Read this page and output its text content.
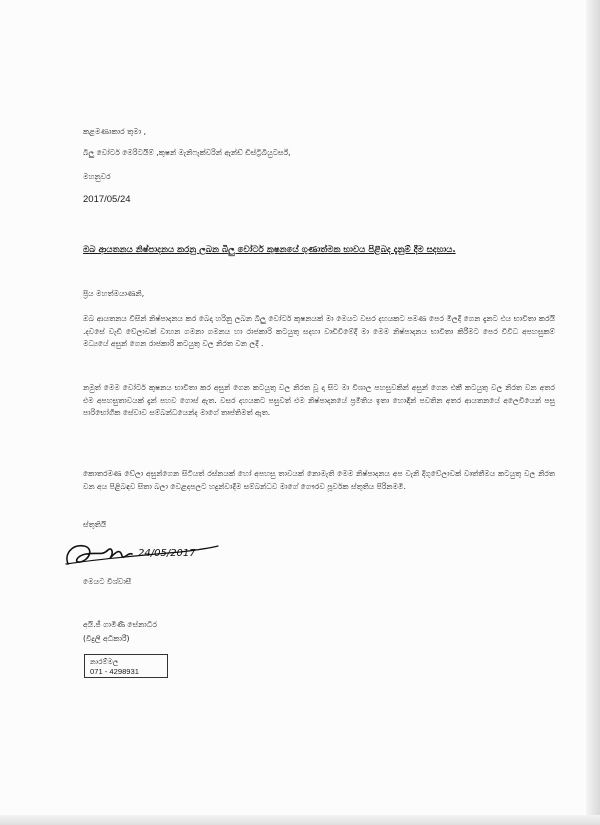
කළමණාකාර තුමා ,
බිලු වෝටර් මෙරිටයිම් ,කුෂන් මැනිෆැක්වරින් ඇන්ඩ් ඩිස්ට්‍රිබියුටර්ස්,
මහනුවර
2017/05/24
ඔබ ආයතනය නිෂ්පාදනය කරනු ලබන බිලු වෝටර් කුෂනයේ ගුණාත්මක භාවය පිළිබද දැනුම් දීම සදහාය.
ප්‍රිය මහත්මයාණනි,
ඔබ ආයතනය විසින් නිෂ්පාදනය කර බෙදා හරිනු ලබන බිලු වෝටර් කුෂනයක් මා මෙයට වසර දහයකට පමණ පෙර මිලදී ගෙන දැනට එය භාවිතා කරයි .දවසේ වැඩි වේලාවක් වාහන ගමනා ගමනය හා රාජකාරි කටයුතු සදහා වාඩිවීමේදී මා මෙම නිෂ්පාදනය භාවිතා කිරීමට පෙර විවිධ අපහසුකම් මධ්‍යයේ අසුන් ගෙන රාජකාරි කටයුතු වල නිරත වන ලදී .
නමුත් මෙම වෝටර් කුෂනය භාවිතා කර අසුන් ගෙන කටයුතු වල නිරත වූ දා සිට මා විශාල පහසුවකින් අසුන් ගෙන එකී කටයුතු වල නිරත වන අතර එම අපහසුතාවයක් දැන් පහව ගොස් ඇත. වසර දහයකට පසුවත් එම නිෂ්පාදනයේ ප්‍රමිතිය ඉතා හොඳින් පවතින අතර ආයතනයේ අලෙවියෙන් පසු පාරිභෝගික සේවාව සම්බන්ධයෙන්ද මාගේ තෘප්තිමත් ඇත.
කොතරමණ වේලා අසුන්ගෙන සිටියත් රස්නයක් හෝ අපහසු තාවයක් නොමැති මෙම නිෂ්පාදනය අප වැනි දිගුවේලාවක් වෘත්තීමය කටයුතු වල නිරත වන අය පිළිබඳව සිතා බලා වෙළදපලට හදුන්වාදීම සම්බන්ධව මාගේ ගෞරව පූර්වක ස්තුතිය පිරිනමමි.
ස්තුතියි
24/05/2017
මෙයට විශ්වාසී
අයි.ජී ගාමිණි සේනාධීර
(විදුලි අධිකාරී)
නාරම්මල
071 - 4298931
